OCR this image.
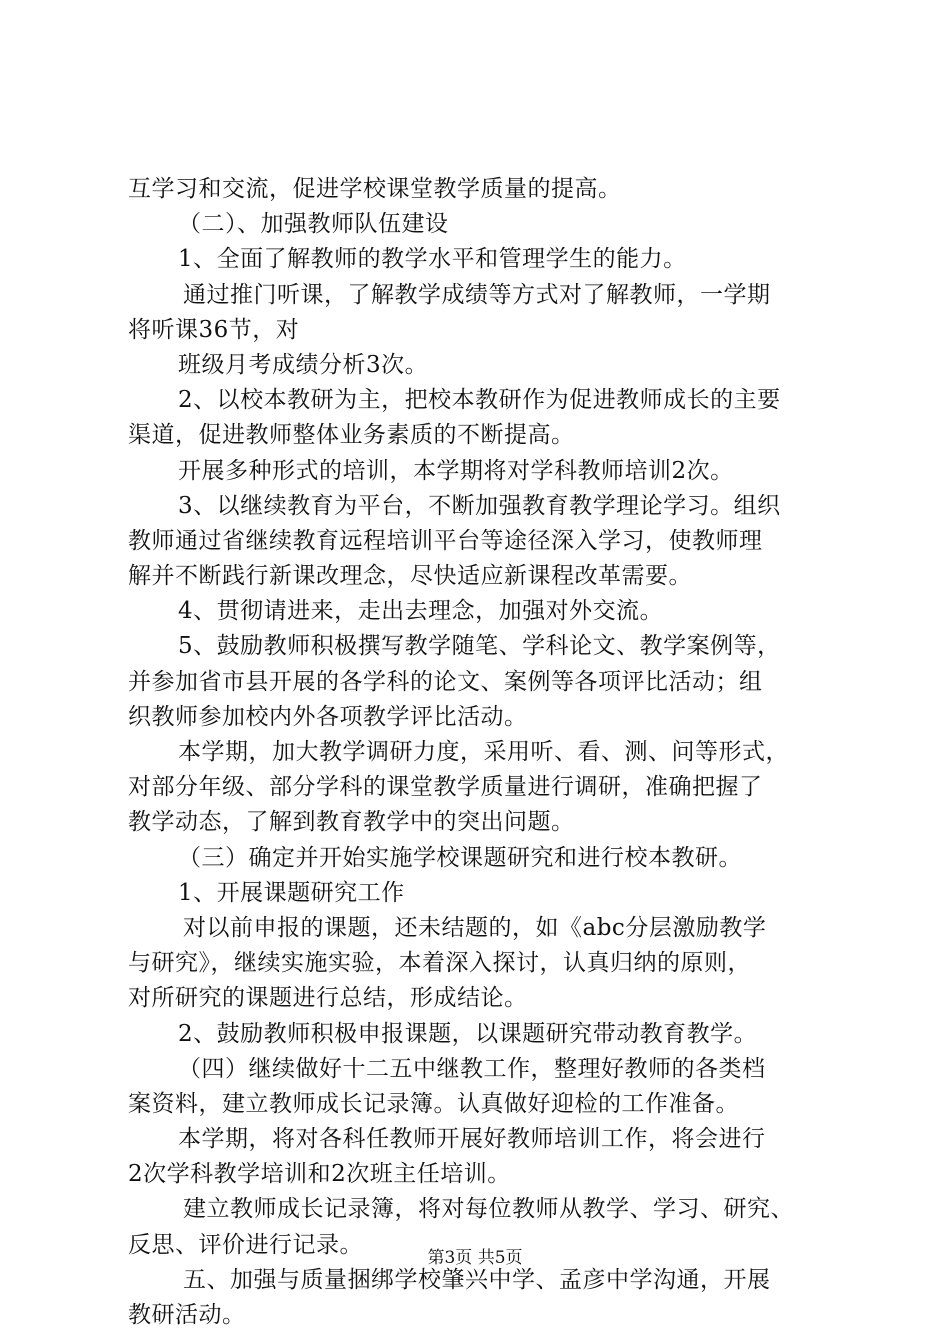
互学习和交流，促进学校课堂教学质量的提高。
（二）、加强教师队伍建设
1、全面了解教师的教学水平和管理学生的能力。
通过推门听课，了解教学成绩等方式对了解教师，一学期
将听课36节，对
班级月考成绩分析3次。
2、以校本教研为主，把校本教研作为促进教师成长的主要
渠道，促进教师整体业务素质的不断提高。
开展多种形式的培训，本学期将对学科教师培训2次。
3、以继续教育为平台，不断加强教育教学理论学习。组织
教师通过省继续教育远程培训平台等途径深入学习，使教师理
解并不断践行新课改理念，尽快适应新课程改革需要。
4、贯彻请进来，走出去理念，加强对外交流。
5、鼓励教师积极撰写教学随笔、学科论文、教学案例等，
并参加省市县开展的各学科的论文、案例等各项评比活动；组
织教师参加校内外各项教学评比活动。
本学期，加大教学调研力度，采用听、看、测、问等形式，
对部分年级、部分学科的课堂教学质量进行调研，准确把握了
教学动态，了解到教育教学中的突出问题。
（三）确定并开始实施学校课题研究和进行校本教研。
1、开展课题研究工作
对以前申报的课题，还未结题的，如《abc分层激励教学
与研究》，继续实施实验，本着深入探讨，认真归纳的原则，
对所研究的课题进行总结，形成结论。
2、鼓励教师积极申报课题，以课题研究带动教育教学。
（四）继续做好十二五中继教工作，整理好教师的各类档
案资料，建立教师成长记录簿。认真做好迎检的工作准备。
本学期，将对各科任教师开展好教师培训工作，将会进行
2次学科教学培训和2次班主任培训。
建立教师成长记录簿，将对每位教师从教学、学习、研究、
反思、评价进行记录。
五、加强与质量捆绑学校肇兴中学、孟彦中学沟通，开展
教研活动。
第3页 共5页
